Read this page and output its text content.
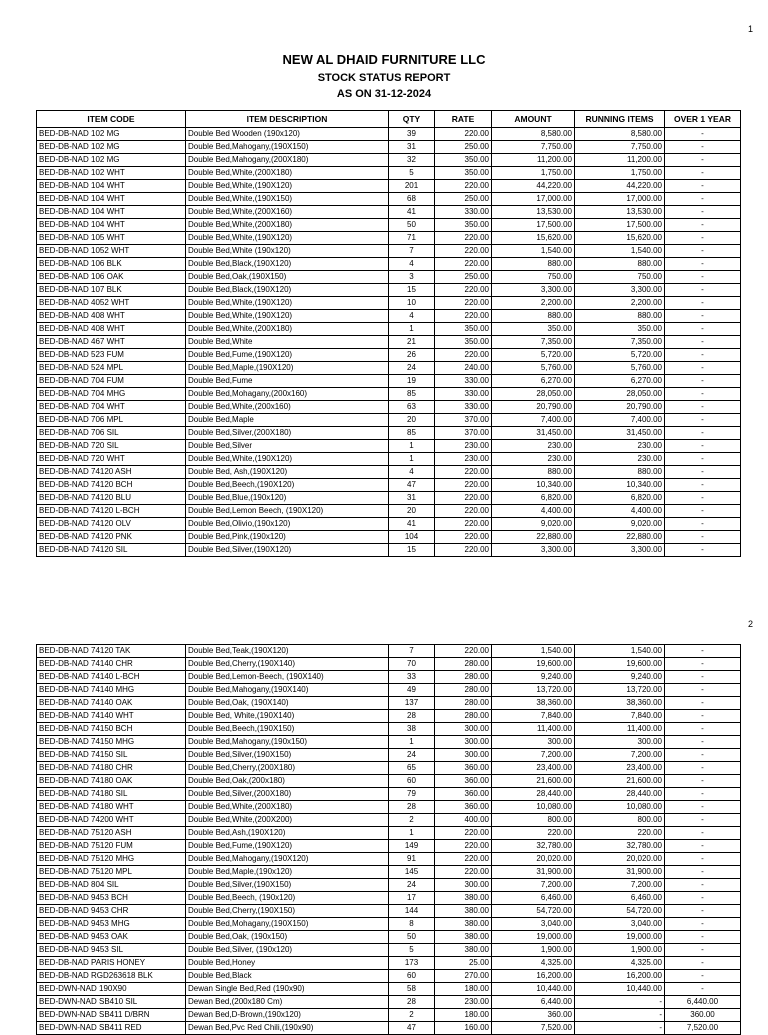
1
NEW AL DHAID FURNITURE LLC
STOCK STATUS REPORT
AS ON 31-12-2024
ITEM CODE	ITEM DESCRIPTION	QTY	RATE	AMOUNT	RUNNING ITEMS	OVER 1 YEAR
BED-DB-NAD 102 MG	Double Bed Wooden (190x120)	39	220.00	8,580.00	8,580.00	-
BED-DB-NAD 102 MG	Double Bed,Mahogany,(190X150)	31	250.00	7,750.00	7,750.00	-
BED-DB-NAD 102 MG	Double Bed,Mahogany,(200X180)	32	350.00	11,200.00	11,200.00	-
BED-DB-NAD 102 WHT	Double Bed,White,(200X180)	5	350.00	1,750.00	1,750.00	-
BED-DB-NAD 104 WHT	Double Bed,White,(190X120)	201	220.00	44,220.00	44,220.00	-
BED-DB-NAD 104 WHT	Double Bed,White,(190X150)	68	250.00	17,000.00	17,000.00	-
BED-DB-NAD 104 WHT	Double Bed,White,(200X160)	41	330.00	13,530.00	13,530.00	-
BED-DB-NAD 104 WHT	Double Bed,White,(200X180)	50	350.00	17,500.00	17,500.00	-
BED-DB-NAD 105 WHT	Double Bed,White,(190X120)	71	220.00	15,620.00	15,620.00	-
BED-DB-NAD 1052 WHT	Double Bed,White (190x120)	7	220.00	1,540.00	1,540.00	-
BED-DB-NAD 106 BLK	Double Bed,Black,(190X120)	4	220.00	880.00	880.00	-
BED-DB-NAD 106 OAK	Double Bed,Oak,(190X150)	3	250.00	750.00	750.00	-
BED-DB-NAD 107 BLK	Double Bed,Black,(190X120)	15	220.00	3,300.00	3,300.00	-
BED-DB-NAD 4052 WHT	Double Bed,White,(190X120)	10	220.00	2,200.00	2,200.00	-
BED-DB-NAD 408 WHT	Double Bed,White,(190X120)	4	220.00	880.00	880.00	-
BED-DB-NAD 408 WHT	Double Bed,White,(200X180)	1	350.00	350.00	350.00	-
BED-DB-NAD 467 WHT	Double Bed,White	21	350.00	7,350.00	7,350.00	-
BED-DB-NAD 523 FUM	Double Bed,Fume,(190X120)	26	220.00	5,720.00	5,720.00	-
BED-DB-NAD 524 MPL	Double Bed,Maple,(190X120)	24	240.00	5,760.00	5,760.00	-
BED-DB-NAD 704 FUM	Double Bed,Fume	19	330.00	6,270.00	6,270.00	-
BED-DB-NAD 704 MHG	Double Bed,Mohagany,(200x160)	85	330.00	28,050.00	28,050.00	-
BED-DB-NAD 704 WHT	Double Bed,White,(200x160)	63	330.00	20,790.00	20,790.00	-
BED-DB-NAD 706 MPL	Double Bed,Maple	20	370.00	7,400.00	7,400.00	-
BED-DB-NAD 706 SIL	Double Bed,Silver,(200X180)	85	370.00	31,450.00	31,450.00	-
BED-DB-NAD 720 SIL	Double Bed,Silver	1	230.00	230.00	230.00	-
BED-DB-NAD 720 WHT	Double Bed,White,(190X120)	1	230.00	230.00	230.00	-
BED-DB-NAD 74120 ASH	Double Bed, Ash,(190X120)	4	220.00	880.00	880.00	-
BED-DB-NAD 74120 BCH	Double Bed,Beech,(190X120)	47	220.00	10,340.00	10,340.00	-
BED-DB-NAD 74120 BLU	Double Bed,Blue,(190x120)	31	220.00	6,820.00	6,820.00	-
BED-DB-NAD 74120 L-BCH	Double Bed,Lemon Beech, (190X120)	20	220.00	4,400.00	4,400.00	-
BED-DB-NAD 74120 OLV	Double Bed,Olivio,(190x120)	41	220.00	9,020.00	9,020.00	-
BED-DB-NAD 74120 PNK	Double Bed,Pink,(190x120)	104	220.00	22,880.00	22,880.00	-
BED-DB-NAD 74120 SIL	Double Bed,Silver,(190X120)	15	220.00	3,300.00	3,300.00	-
2
BED-DB-NAD 74120 TAK	Double Bed,Teak,(190X120)	7	220.00	1,540.00	1,540.00	-
BED-DB-NAD 74140 CHR	Double Bed,Cherry,(190X140)	70	280.00	19,600.00	19,600.00	-
BED-DB-NAD 74140 L-BCH	Double Bed,Lemon-Beech, (190X140)	33	280.00	9,240.00	9,240.00	-
BED-DB-NAD 74140 MHG	Double Bed,Mahogany,(190X140)	49	280.00	13,720.00	13,720.00	-
BED-DB-NAD 74140 OAK	Double Bed,Oak, (190X140)	137	280.00	38,360.00	38,360.00	-
BED-DB-NAD 74140 WHT	Double Bed, White,(190X140)	28	280.00	7,840.00	7,840.00	-
BED-DB-NAD 74150 BCH	Double Bed,Beech,(190X150)	38	300.00	11,400.00	11,400.00	-
BED-DB-NAD 74150 MHG	Double Bed,Mahogany,(190x150)	1	300.00	300.00	300.00	-
BED-DB-NAD 74150 SIL	Double Bed,Silver,(190X150)	24	300.00	7,200.00	7,200.00	-
BED-DB-NAD 74180 CHR	Double Bed,Cherry,(200X180)	65	360.00	23,400.00	23,400.00	-
BED-DB-NAD 74180 OAK	Double Bed,Oak,(200x180)	60	360.00	21,600.00	21,600.00	-
BED-DB-NAD 74180 SIL	Double Bed,Silver,(200X180)	79	360.00	28,440.00	28,440.00	-
BED-DB-NAD 74180 WHT	Double Bed,White,(200X180)	28	360.00	10,080.00	10,080.00	-
BED-DB-NAD 74200 WHT	Double Bed,White,(200X200)	2	400.00	800.00	800.00	-
BED-DB-NAD 75120 ASH	Double Bed,Ash,(190X120)	1	220.00	220.00	220.00	-
BED-DB-NAD 75120 FUM	Double Bed,Fume,(190X120)	149	220.00	32,780.00	32,780.00	-
BED-DB-NAD 75120 MHG	Double Bed,Mahogany,(190X120)	91	220.00	20,020.00	20,020.00	-
BED-DB-NAD 75120 MPL	Double Bed,Maple,(190x120)	145	220.00	31,900.00	31,900.00	-
BED-DB-NAD 804 SIL	Double Bed,Silver,(190X150)	24	300.00	7,200.00	7,200.00	-
BED-DB-NAD 9453 BCH	Double Bed,Beech, (190x120)	17	380.00	6,460.00	6,460.00	-
BED-DB-NAD 9453 CHR	Double Bed,Cherry,(190X150)	144	380.00	54,720.00	54,720.00	-
BED-DB-NAD 9453 MHG	Double Bed,Mohagany,(190X150)	8	380.00	3,040.00	3,040.00	-
BED-DB-NAD 9453 OAK	Double Bed,Oak, (190x150)	50	380.00	19,000.00	19,000.00	-
BED-DB-NAD 9453 SIL	Double Bed,Silver, (190x120)	5	380.00	1,900.00	1,900.00	-
BED-DB-NAD PARIS HONEY	Double Bed,Honey	173	25.00	4,325.00	4,325.00	-
BED-DB-NAD RGD263618 BLK	Double Bed,Black	60	270.00	16,200.00	16,200.00	-
BED-DWN-NAD 190X90	Dewan Single Bed,Red (190x90)	58	180.00	10,440.00	10,440.00	-
BED-DWN-NAD SB410 SIL	Dewan Bed,(200x180 Cm)	28	230.00	6,440.00	-	6,440.00
BED-DWN-NAD SB411 D/BRN	Dewan Bed,D-Brown,(190x120)	2	180.00	360.00	-	360.00
BED-DWN-NAD SB411 RED	Dewan Bed,Pvc Red Chili,(190x90)	47	160.00	7,520.00	-	7,520.00
